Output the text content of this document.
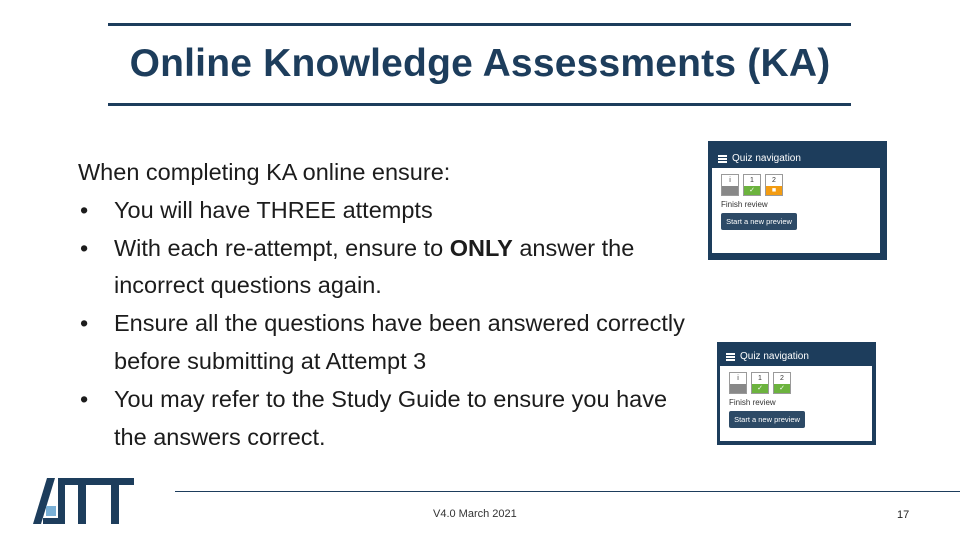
Online Knowledge Assessments (KA)

When completing KA online ensure:

• You will have THREE attempts
• With each re-attempt, ensure to ONLY answer the incorrect questions again.
• Ensure all the questions have been answered correctly before submitting at Attempt 3
• You may refer to the Study Guide to ensure you have the answers correct.
Quiz navigation
i	1
✓
2
■
Finish review
Start a new preview
Quiz navigation
i	1
✓
2
✓
Finish review
Start a new preview
V4.0 March 2021	17
